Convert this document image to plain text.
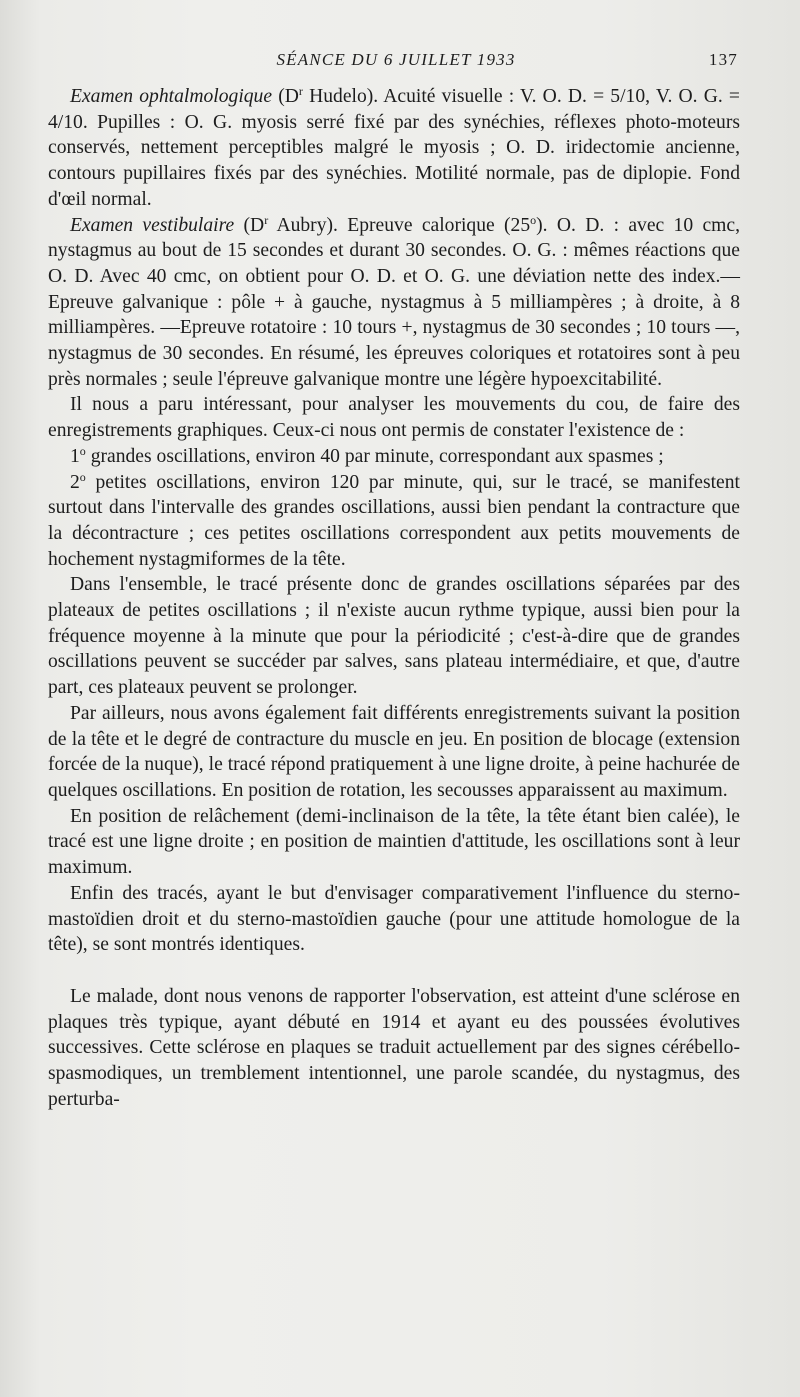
SÉANCE DU 6 JUILLET 1933	137

Examen ophtalmologique ($D^r$ Hudelo). Acuité visuelle : V. O. D. = 5/10, V. O. G. = 4/10. Pupilles : O. G. myosis serré fixé par des synéchies, réflexes photo-moteurs conservés, nettement perceptibles malgré le myosis ; O. D. iridectomie ancienne, contours pupillaires fixés par des synéchies. Motilité normale, pas de diplopie. Fond d'œil normal.

Examen vestibulaire ($D^r$ Aubry). Epreuve calorique (25$^o$). O. D. : avec 10 cmc, nystagmus au bout de 15 secondes et durant 30 secondes. O. G. : mêmes réactions que O. D. Avec 40 cmc, on obtient pour O. D. et O. G. une déviation nette des index.— Epreuve galvanique : pôle + à gauche, nystagmus à 5 milliampères ; à droite, à 8 milliampères. —Epreuve rotatoire : 10 tours +, nystagmus de 30 secondes ; 10 tours —, nystagmus de 30 secondes. En résumé, les épreuves coloriques et rotatoires sont à peu près normales ; seule l'épreuve galvanique montre une légère hypoexcitabilité.

Il nous a paru intéressant, pour analyser les mouvements du cou, de faire des enregistrements graphiques. Ceux-ci nous ont permis de constater l'existence de :

1$^o$ grandes oscillations, environ 40 par minute, correspondant aux spasmes ;

2$^o$ petites oscillations, environ 120 par minute, qui, sur le tracé, se manifestent surtout dans l'intervalle des grandes oscillations, aussi bien pendant la contracture que la décontracture ; ces petites oscillations correspondent aux petits mouvements de hochement nystagmiformes de la tête.

Dans l'ensemble, le tracé présente donc de grandes oscillations séparées par des plateaux de petites oscillations ; il n'existe aucun rythme typique, aussi bien pour la fréquence moyenne à la minute que pour la périodicité ; c'est-à-dire que de grandes oscillations peuvent se succéder par salves, sans plateau intermédiaire, et que, d'autre part, ces plateaux peuvent se prolonger.

Par ailleurs, nous avons également fait différents enregistrements suivant la position de la tête et le degré de contracture du muscle en jeu. En position de blocage (extension forcée de la nuque), le tracé répond pratiquement à une ligne droite, à peine hachurée de quelques oscillations. En position de rotation, les secousses apparaissent au maximum.

En position de relâchement (demi-inclinaison de la tête, la tête étant bien calée), le tracé est une ligne droite ; en position de maintien d'attitude, les oscillations sont à leur maximum.

Enfin des tracés, ayant le but d'envisager comparativement l'influence du sterno-mastoïdien droit et du sterno-mastoïdien gauche (pour une attitude homologue de la tête), se sont montrés identiques.

Le malade, dont nous venons de rapporter l'observation, est atteint d'une sclérose en plaques très typique, ayant débuté en 1914 et ayant eu des poussées évolutives successives. Cette sclérose en plaques se traduit actuellement par des signes cérébello-spasmodiques, un tremblement intentionnel, une parole scandée, du nystagmus, des perturba-
